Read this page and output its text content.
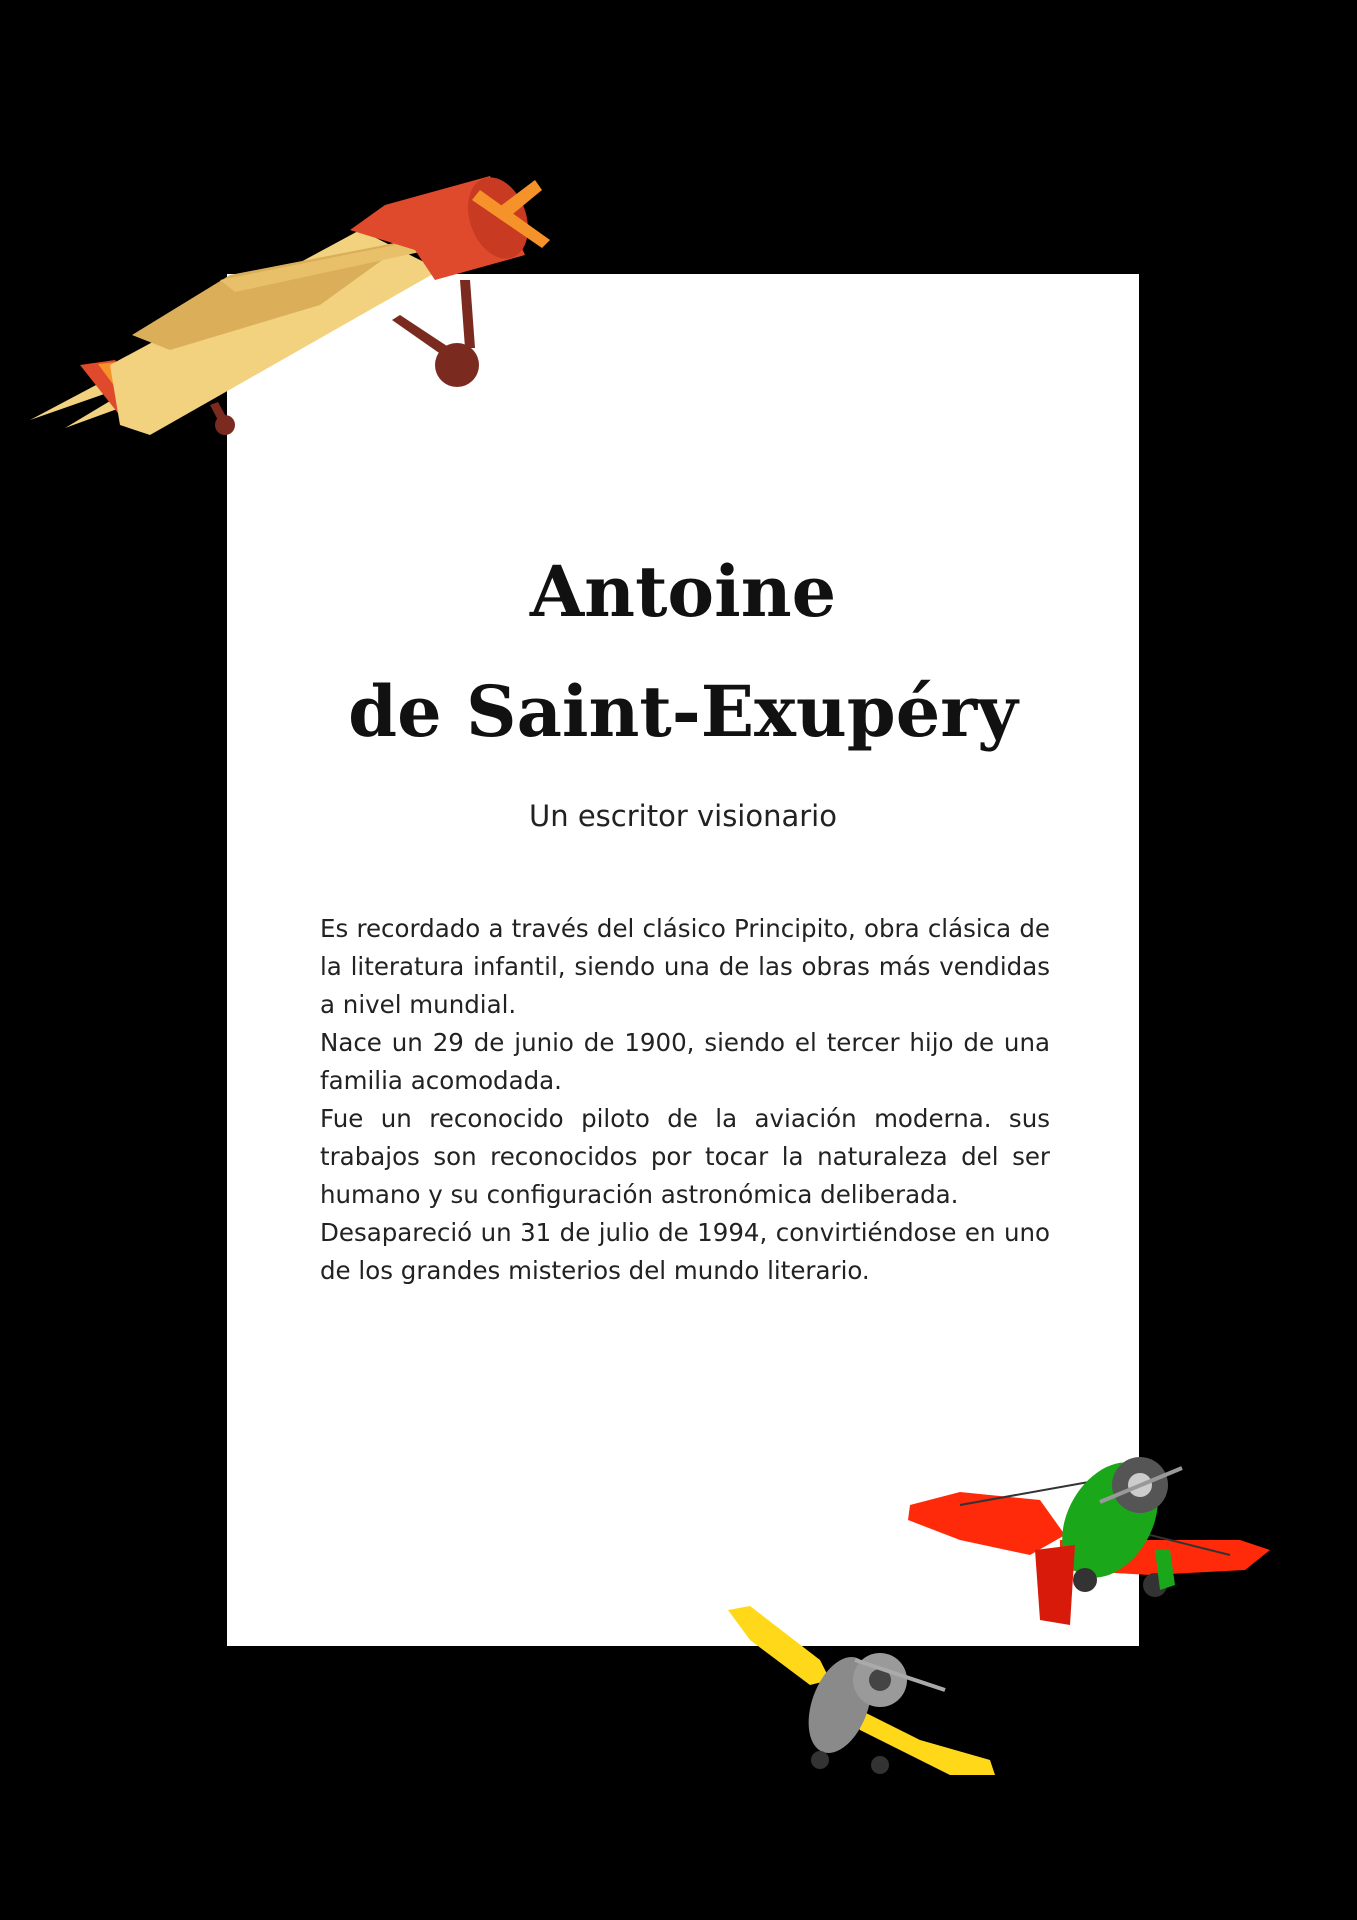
Antoine
de Saint-Exupéry

Un escritor visionario

Es recordado a través del clásico Principito, obra clásica de la literatura infantil, siendo una de las obras más vendidas a nivel mundial.

Nace un 29 de junio de 1900, siendo el tercer hijo de una familia acomodada.

Fue un reconocido piloto de la aviación moderna. sus trabajos son reconocidos por tocar la naturaleza del ser humano y su configuración astronómica deliberada.

Desapareció un 31 de julio de 1994, convirtiéndose en uno de los grandes misterios del mundo literario.
